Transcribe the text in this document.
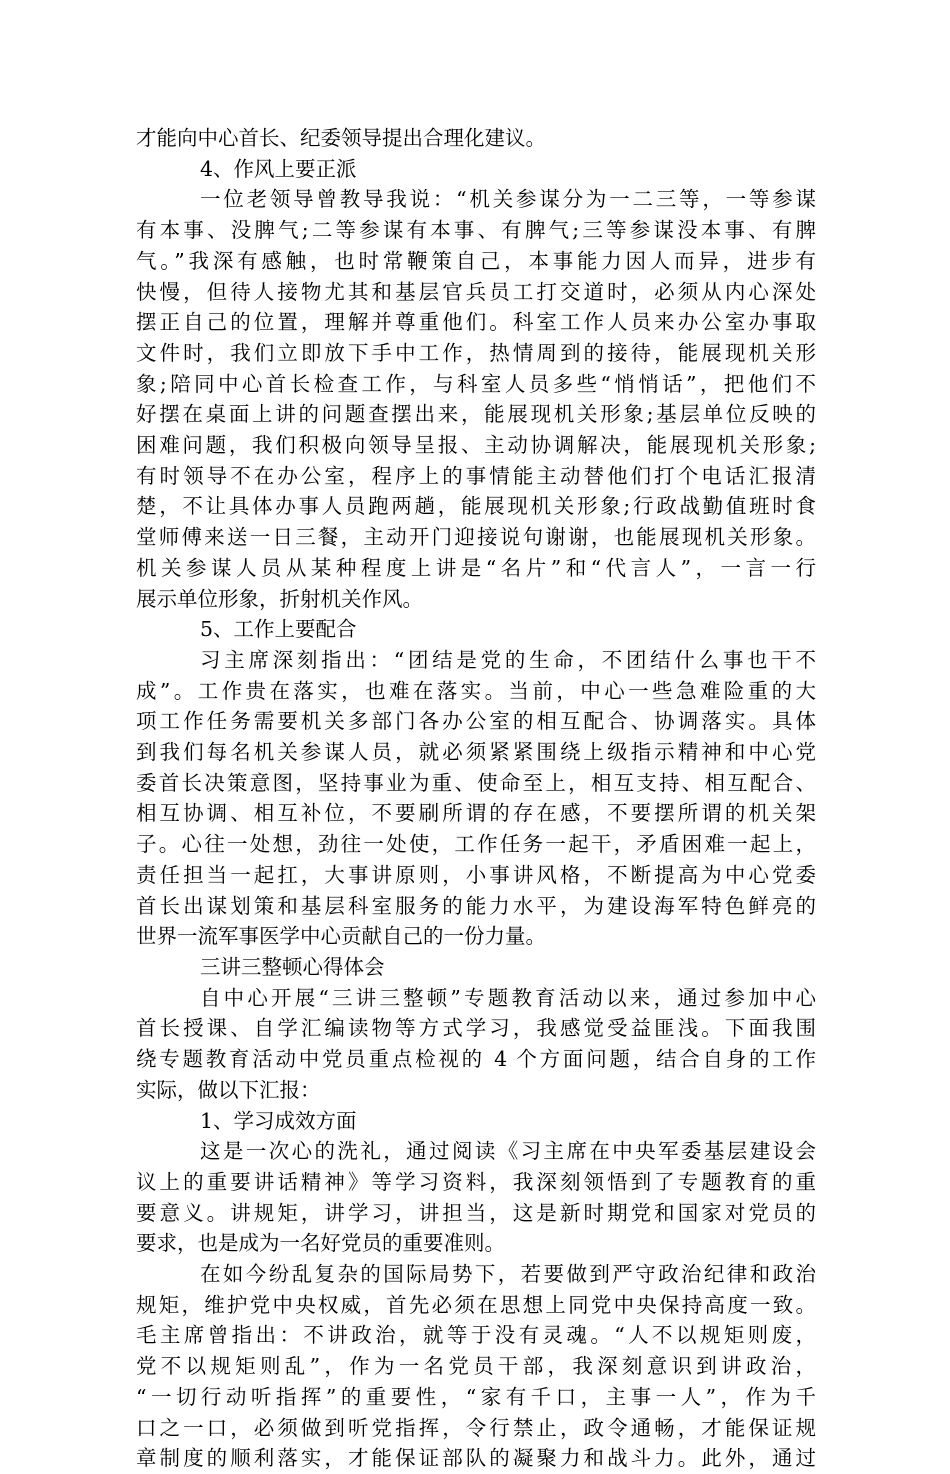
才能向中心首长、纪委领导提出合理化建议。
4、作风上要正派
一位老领导曾教导我说：“机关参谋分为一二三等，一等参谋
有本事、没脾气;二等参谋有本事、有脾气;三等参谋没本事、有脾
气。”我深有感触，也时常鞭策自己，本事能力因人而异，进步有
快慢，但待人接物尤其和基层官兵员工打交道时，必须从内心深处
摆正自己的位置，理解并尊重他们。科室工作人员来办公室办事取
文件时，我们立即放下手中工作，热情周到的接待，能展现机关形
象;陪同中心首长检查工作，与科室人员多些“悄悄话”，把他们不
好摆在桌面上讲的问题查摆出来，能展现机关形象;基层单位反映的
困难问题，我们积极向领导呈报、主动协调解决，能展现机关形象;
有时领导不在办公室，程序上的事情能主动替他们打个电话汇报清
楚，不让具体办事人员跑两趟，能展现机关形象;行政战勤值班时食
堂师傅来送一日三餐，主动开门迎接说句谢谢，也能展现机关形象。
机关参谋人员从某种程度上讲是“名片”和“代言人”，一言一行
展示单位形象，折射机关作风。
5、工作上要配合
习主席深刻指出：“团结是党的生命，不团结什么事也干不
成”。工作贵在落实，也难在落实。当前，中心一些急难险重的大
项工作任务需要机关多部门各办公室的相互配合、协调落实。具体
到我们每名机关参谋人员，就必须紧紧围绕上级指示精神和中心党
委首长决策意图，坚持事业为重、使命至上，相互支持、相互配合、
相互协调、相互补位，不要刷所谓的存在感，不要摆所谓的机关架
子。心往一处想，劲往一处使，工作任务一起干，矛盾困难一起上，
责任担当一起扛，大事讲原则，小事讲风格，不断提高为中心党委
首长出谋划策和基层科室服务的能力水平，为建设海军特色鲜亮的
世界一流军事医学中心贡献自己的一份力量。
三讲三整顿心得体会
自中心开展“三讲三整顿”专题教育活动以来，通过参加中心
首长授课、自学汇编读物等方式学习，我感觉受益匪浅。下面我围
绕专题教育活动中党员重点检视的 4 个方面问题，结合自身的工作
实际，做以下汇报：
1、学习成效方面
这是一次心的洗礼，通过阅读《习主席在中央军委基层建设会
议上的重要讲话精神》等学习资料，我深刻领悟到了专题教育的重
要意义。讲规矩，讲学习，讲担当，这是新时期党和国家对党员的
要求，也是成为一名好党员的重要准则。
在如今纷乱复杂的国际局势下，若要做到严守政治纪律和政治
规矩，维护党中央权威，首先必须在思想上同党中央保持高度一致。
毛主席曾指出：不讲政治，就等于没有灵魂。“人不以规矩则废，
党不以规矩则乱”，作为一名党员干部，我深刻意识到讲政治，
“一切行动听指挥”的重要性，“家有千口，主事一人”，作为千
口之一口，必须做到听党指挥，令行禁止，政令通畅，才能保证规
章制度的顺利落实，才能保证部队的凝聚力和战斗力。此外，通过
